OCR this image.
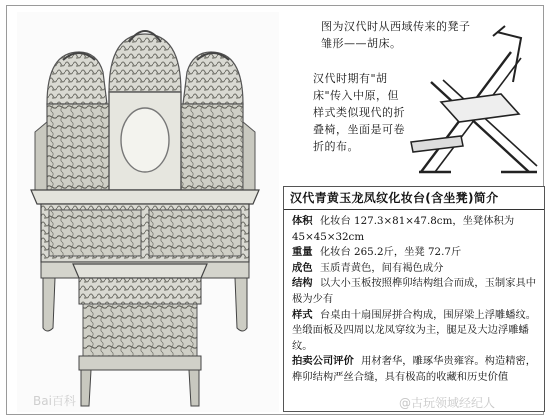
Bai百科
图为汉代时从西域传来的凳子雏形——胡床。
汉代时期有"胡床"传入中原，但样式类似现代的折叠椅，坐面是可卷折的布。
汉代青黄玉龙凤纹化妆台(含坐凳)简介

体积 化妆台 127.3×81×47.8cm，坐凳体积为 45×45×32cm

重量 化妆台 265.2斤，坐凳 72.7斤

成色 玉质青黄色，间有褐色成分

结构 以大小玉板按照榫卯结构组合而成，玉制家具中极为少有

样式 台桌由十扇围屏拼合构成，围屏梁上浮雕蟠纹。坐缎面板及四周以龙凤穿纹为主，腿足及大边浮雕蟠纹。

拍卖公司评价 用材奢华，雕琢华贵雍容。构造精密，榫卯结构严丝合缝，具有极高的收藏和历史价值

@古玩领域经纪人
